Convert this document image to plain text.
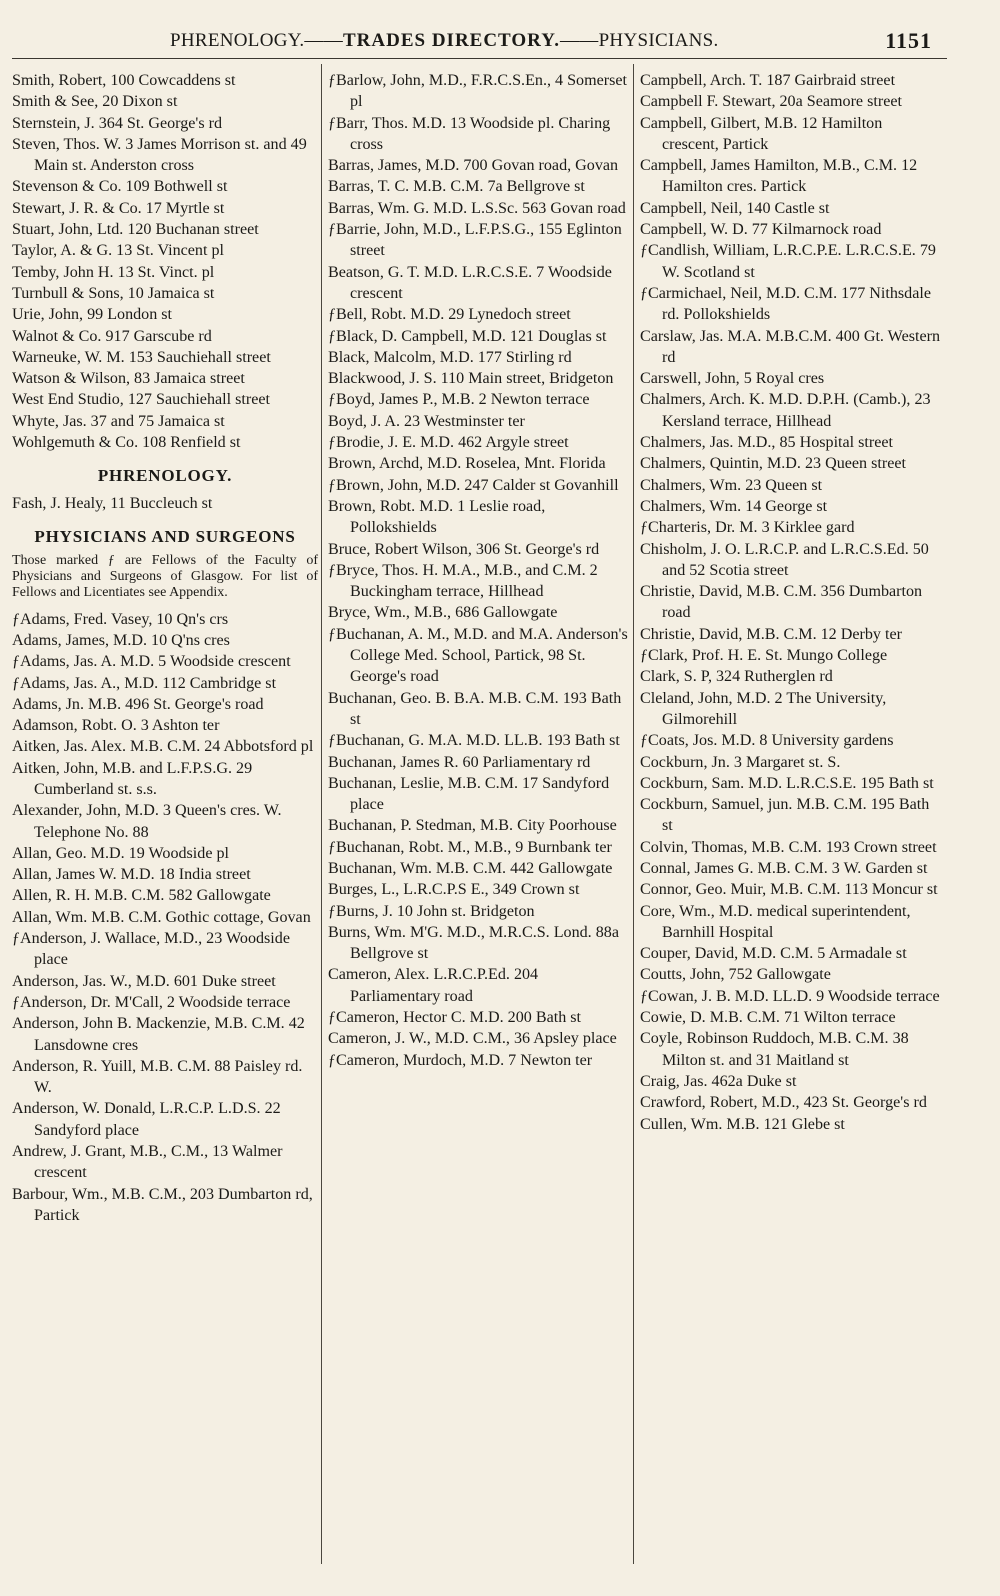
PHRENOLOGY.——TRADES DIRECTORY.——PHYSICIANS.	1151

Smith, Robert, 100 Cowcaddens st

Smith & See, 20 Dixon st

Sternstein, J. 364 St. George's rd

Steven, Thos. W. 3 James Morrison st. and 49 Main st. Anderston cross

Stevenson & Co. 109 Bothwell st

Stewart, J. R. & Co. 17 Myrtle st

Stuart, John, Ltd. 120 Buchanan street

Taylor, A. & G. 13 St. Vincent pl

Temby, John H. 13 St. Vinct. pl

Turnbull & Sons, 10 Jamaica st

Urie, John, 99 London st

Walnot & Co. 917 Garscube rd

Warneuke, W. M. 153 Sauchiehall street

Watson & Wilson, 83 Jamaica street

West End Studio, 127 Sauchiehall street

Whyte, Jas. 37 and 75 Jamaica st

Wohlgemuth & Co. 108 Renfield st

PHRENOLOGY.

Fash, J. Healy, 11 Buccleuch st

PHYSICIANS AND SURGEONS
Those marked ƒ are Fellows of the Faculty of Physicians and Surgeons of Glasgow. For list of Fellows and Licentiates see Appendix.

ƒAdams, Fred. Vasey, 10 Qn's crs

Adams, James, M.D. 10 Q'ns cres

ƒAdams, Jas. A. M.D. 5 Woodside crescent

ƒAdams, Jas. A., M.D. 112 Cambridge st

Adams, Jn. M.B. 496 St. George's road

Adamson, Robt. O. 3 Ashton ter

Aitken, Jas. Alex. M.B. C.M. 24 Abbotsford pl

Aitken, John, M.B. and L.F.P.S.G. 29 Cumberland st. s.s.

Alexander, John, M.D. 3 Queen's cres. W. Telephone No. 88

Allan, Geo. M.D. 19 Woodside pl

Allan, James W. M.D. 18 India street

Allen, R. H. M.B. C.M. 582 Gallowgate

Allan, Wm. M.B. C.M. Gothic cottage, Govan

ƒAnderson, J. Wallace, M.D., 23 Woodside place

Anderson, Jas. W., M.D. 601 Duke street

ƒAnderson, Dr. M'Call, 2 Woodside terrace

Anderson, John B. Mackenzie, M.B. C.M. 42 Lansdowne cres

Anderson, R. Yuill, M.B. C.M. 88 Paisley rd. W.

Anderson, W. Donald, L.R.C.P. L.D.S. 22 Sandyford place

Andrew, J. Grant, M.B., C.M., 13 Walmer crescent

Barbour, Wm., M.B. C.M., 203 Dumbarton rd, Partick

ƒBarlow, John, M.D., F.R.C.S.En., 4 Somerset pl

ƒBarr, Thos. M.D. 13 Woodside pl. Charing cross

Barras, James, M.D. 700 Govan road, Govan

Barras, T. C. M.B. C.M. 7a Bellgrove st

Barras, Wm. G. M.D. L.S.Sc. 563 Govan road

ƒBarrie, John, M.D., L.F.P.S.G., 155 Eglinton street

Beatson, G. T. M.D. L.R.C.S.E. 7 Woodside crescent

ƒBell, Robt. M.D. 29 Lynedoch street

ƒBlack, D. Campbell, M.D. 121 Douglas st

Black, Malcolm, M.D. 177 Stirling rd

Blackwood, J. S. 110 Main street, Bridgeton

ƒBoyd, James P., M.B. 2 Newton terrace

Boyd, J. A. 23 Westminster ter

ƒBrodie, J. E. M.D. 462 Argyle street

Brown, Archd, M.D. Roselea, Mnt. Florida

ƒBrown, John, M.D. 247 Calder st Govanhill

Brown, Robt. M.D. 1 Leslie road, Pollokshields

Bruce, Robert Wilson, 306 St. George's rd

ƒBryce, Thos. H. M.A., M.B., and C.M. 2 Buckingham terrace, Hillhead

Bryce, Wm., M.B., 686 Gallowgate

ƒBuchanan, A. M., M.D. and M.A. Anderson's College Med. School, Partick, 98 St. George's road

Buchanan, Geo. B. B.A. M.B. C.M. 193 Bath st

ƒBuchanan, G. M.A. M.D. LL.B. 193 Bath st

Buchanan, James R. 60 Parliamentary rd

Buchanan, Leslie, M.B. C.M. 17 Sandyford place

Buchanan, P. Stedman, M.B. City Poorhouse

ƒBuchanan, Robt. M., M.B., 9 Burnbank ter

Buchanan, Wm. M.B. C.M. 442 Gallowgate

Burges, L., L.R.C.P.S E., 349 Crown st

ƒBurns, J. 10 John st. Bridgeton

Burns, Wm. M'G. M.D., M.R.C.S. Lond. 88a Bellgrove st

Cameron, Alex. L.R.C.P.Ed. 204 Parliamentary road

ƒCameron, Hector C. M.D. 200 Bath st

Cameron, J. W., M.D. C.M., 36 Apsley place

ƒCameron, Murdoch, M.D. 7 Newton ter

Campbell, Arch. T. 187 Gairbraid street

Campbell F. Stewart, 20a Seamore street

Campbell, Gilbert, M.B. 12 Hamilton crescent, Partick

Campbell, James Hamilton, M.B., C.M. 12 Hamilton cres. Partick

Campbell, Neil, 140 Castle st

Campbell, W. D. 77 Kilmarnock road

ƒCandlish, William, L.R.C.P.E. L.R.C.S.E. 79 W. Scotland st

ƒCarmichael, Neil, M.D. C.M. 177 Nithsdale rd. Pollokshields

Carslaw, Jas. M.A. M.B.C.M. 400 Gt. Western rd

Carswell, John, 5 Royal cres

Chalmers, Arch. K. M.D. D.P.H. (Camb.), 23 Kersland terrace, Hillhead

Chalmers, Jas. M.D., 85 Hospital street

Chalmers, Quintin, M.D. 23 Queen street

Chalmers, Wm. 23 Queen st

Chalmers, Wm. 14 George st

ƒCharteris, Dr. M. 3 Kirklee gard

Chisholm, J. O. L.R.C.P. and L.R.C.S.Ed. 50 and 52 Scotia street

Christie, David, M.B. C.M. 356 Dumbarton road

Christie, David, M.B. C.M. 12 Derby ter

ƒClark, Prof. H. E. St. Mungo College

Clark, S. P, 324 Rutherglen rd

Cleland, John, M.D. 2 The University, Gilmorehill

ƒCoats, Jos. M.D. 8 University gardens

Cockburn, Jn. 3 Margaret st. S.

Cockburn, Sam. M.D. L.R.C.S.E. 195 Bath st

Cockburn, Samuel, jun. M.B. C.M. 195 Bath st

Colvin, Thomas, M.B. C.M. 193 Crown street

Connal, James G. M.B. C.M. 3 W. Garden st

Connor, Geo. Muir, M.B. C.M. 113 Moncur st

Core, Wm., M.D. medical superintendent, Barnhill Hospital

Couper, David, M.D. C.M. 5 Armadale st

Coutts, John, 752 Gallowgate

ƒCowan, J. B. M.D. LL.D. 9 Woodside terrace

Cowie, D. M.B. C.M. 71 Wilton terrace

Coyle, Robinson Ruddoch, M.B. C.M. 38 Milton st. and 31 Maitland st

Craig, Jas. 462a Duke st

Crawford, Robert, M.D., 423 St. George's rd

Cullen, Wm. M.B. 121 Glebe st
